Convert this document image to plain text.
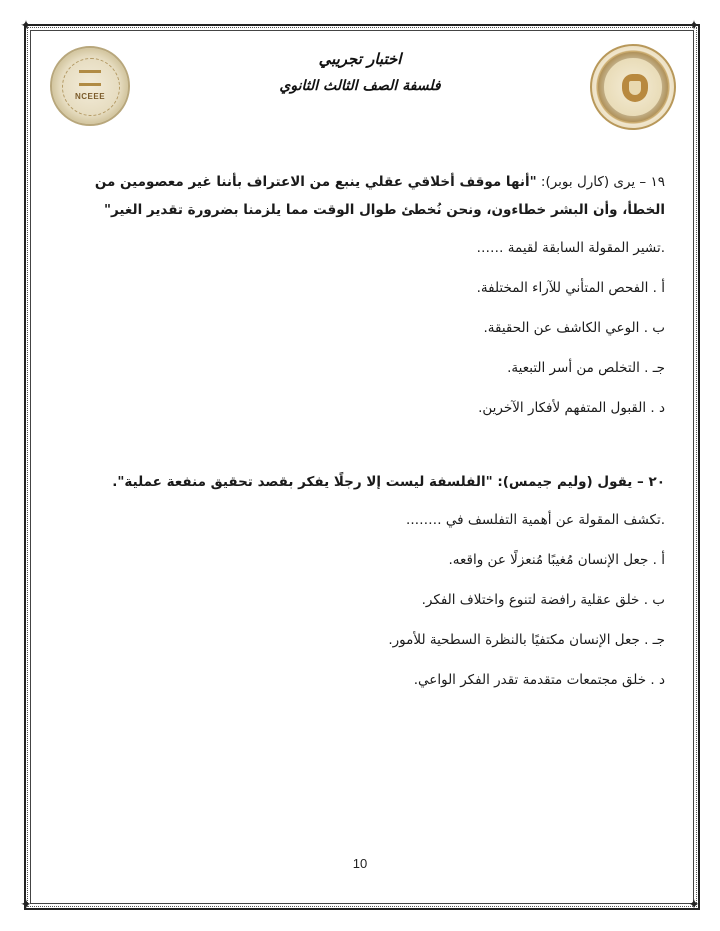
✦	✦
✦	✦
NCEEE
اختبار تجريبي
فلسفة الصف الثالث الثانوي

١٩ – يرى (كارل بوبر): "أنها موقف أخلاقي عقلي ينبع من الاعتراف بأننا غير معصومين من الخطأ، وأن البشر خطاءون، ونحن نُخطئ طوال الوقت مما يلزمنا بضرورة تقدير الغير"

.تشير المقولة السابقة لقيمة ……
أ . الفحص المتأني للآراء المختلفة.
ب . الوعي الكاشف عن الحقيقة.
جـ . التخلص من أسر التبعية.
د . القبول المتفهم لأفكار الآخرين.

٢٠ – يقول (وليم جيمس): "الفلسفة ليست إلا رجلًا يفكر بقصد تحقيق منفعة عملية".

.تكشف المقولة عن أهمية التفلسف في ……..
أ . جعل الإنسان مُغيبًا مُنعزلًا عن واقعه.
ب . خلق عقلية رافضة لتنوع واختلاف الفكر.
جـ . جعل الإنسان مكتفيًا بالنظرة السطحية للأمور.
د . خلق مجتمعات متقدمة تقدر الفكر الواعي.
10
